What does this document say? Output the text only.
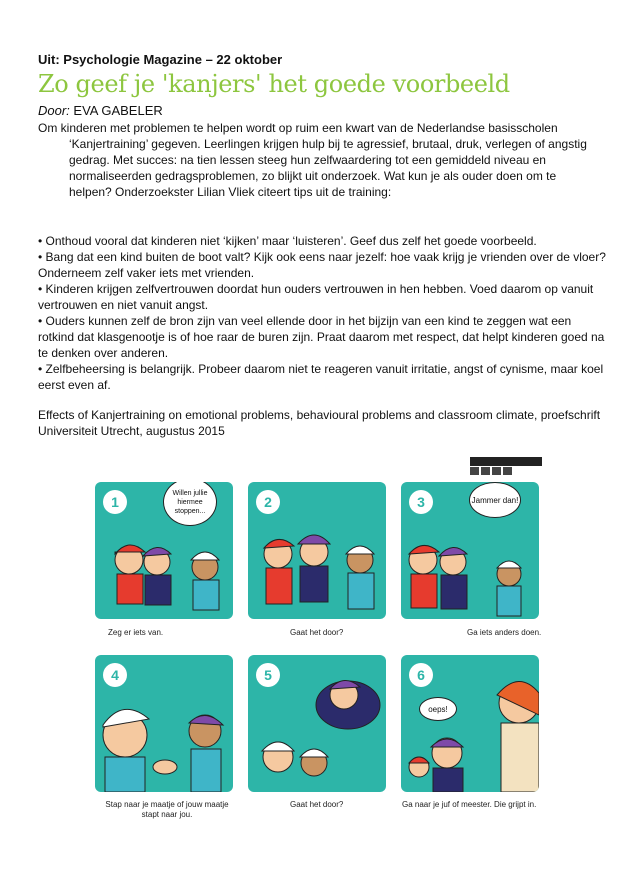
Uit: Psychologie Magazine – 22 oktober
Zo geef je 'kanjers' het goede voorbeeld
Door: EVA GABELER

Om kinderen met problemen te helpen wordt op ruim een kwart van de Nederlandse basisscholen ‘Kanjertraining’ gegeven. Leerlingen krijgen hulp bij te agressief, brutaal, druk, verlegen of angstig gedrag. Met succes: na tien lessen steeg hun zelfwaardering tot een gemiddeld niveau en normaliseerden gedragsproblemen, zo blijkt uit onderzoek. Wat kun je als ouder doen om te helpen? Onderzoekster Lilian Vliek citeert tips uit de training:

• Onthoud vooral dat kinderen niet ‘kijken’ maar ‘luisteren’. Geef dus zelf het goede voorbeeld.

• Bang dat een kind buiten de boot valt? Kijk ook eens naar jezelf: hoe vaak krijg je vrienden over de vloer? Onderneem zelf vaker iets met vrienden.

• Kinderen krijgen zelfvertrouwen doordat hun ouders vertrouwen in hen hebben. Voed daarom op vanuit vertrouwen en niet vanuit angst.

• Ouders kunnen zelf de bron zijn van veel ellende door in het bijzijn van een kind te zeggen wat een rotkind dat klasgenootje is of hoe raar de buren zijn. Praat daarom met respect, dat helpt kinderen goed na te denken over anderen.

• Zelfbeheersing is belangrijk. Probeer daarom niet te reageren vanuit irritatie, angst of cynisme, maar koel eerst even af.

Effects of Kanjertraining on emotional problems, behavioural problems and classroom climate, proefschrift Universiteit Utrecht, augustus 2015

1
Willen jullie hiermee stoppen...
Zeg er iets van.
2
Gaat het door?
3	Jammer dan!
Ga iets anders doen.
4
Stap naar je maatje of jouw maatje stapt naar jou.
5
Gaat het door?
6
oeps!
Ga naar je juf of meester. Die grijpt in.
